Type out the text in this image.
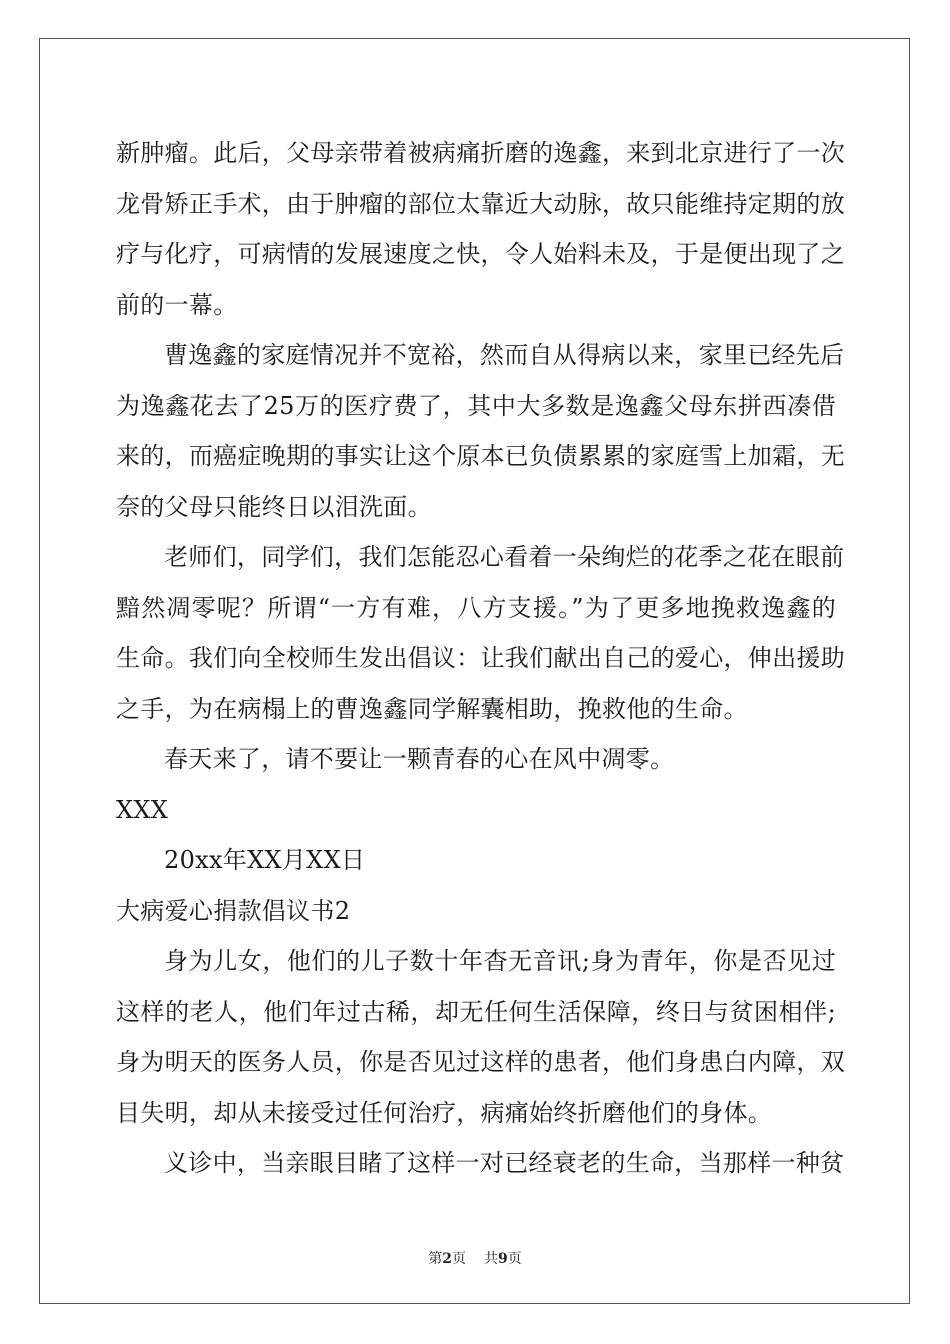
新肿瘤。此后，父母亲带着被病痛折磨的逸鑫，来到北京进行了一次
龙骨矫正手术，由于肿瘤的部位太靠近大动脉，故只能维持定期的放
疗与化疗，可病情的发展速度之快，令人始料未及，于是便出现了之
前的一幕。
曹逸鑫的家庭情况并不宽裕，然而自从得病以来，家里已经先后
为逸鑫花去了25万的医疗费了，其中大多数是逸鑫父母东拼西凑借
来的，而癌症晚期的事实让这个原本已负债累累的家庭雪上加霜，无
奈的父母只能终日以泪洗面。
老师们，同学们，我们怎能忍心看着一朵绚烂的花季之花在眼前
黯然凋零呢？所谓“一方有难，八方支援。”为了更多地挽救逸鑫的
生命。我们向全校师生发出倡议：让我们献出自己的爱心，伸出援助
之手，为在病榻上的曹逸鑫同学解囊相助，挽救他的生命。
春天来了，请不要让一颗青春的心在风中凋零。
XXX
20xx年XX月XX日
大病爱心捐款倡议书2
身为儿女，他们的儿子数十年杳无音讯;身为青年，你是否见过
这样的老人，他们年过古稀，却无任何生活保障，终日与贫困相伴;
身为明天的医务人员，你是否见过这样的患者，他们身患白内障，双
目失明，却从未接受过任何治疗，病痛始终折磨他们的身体。
义诊中，当亲眼目睹了这样一对已经衰老的生命，当那样一种贫
第2页 共9页
